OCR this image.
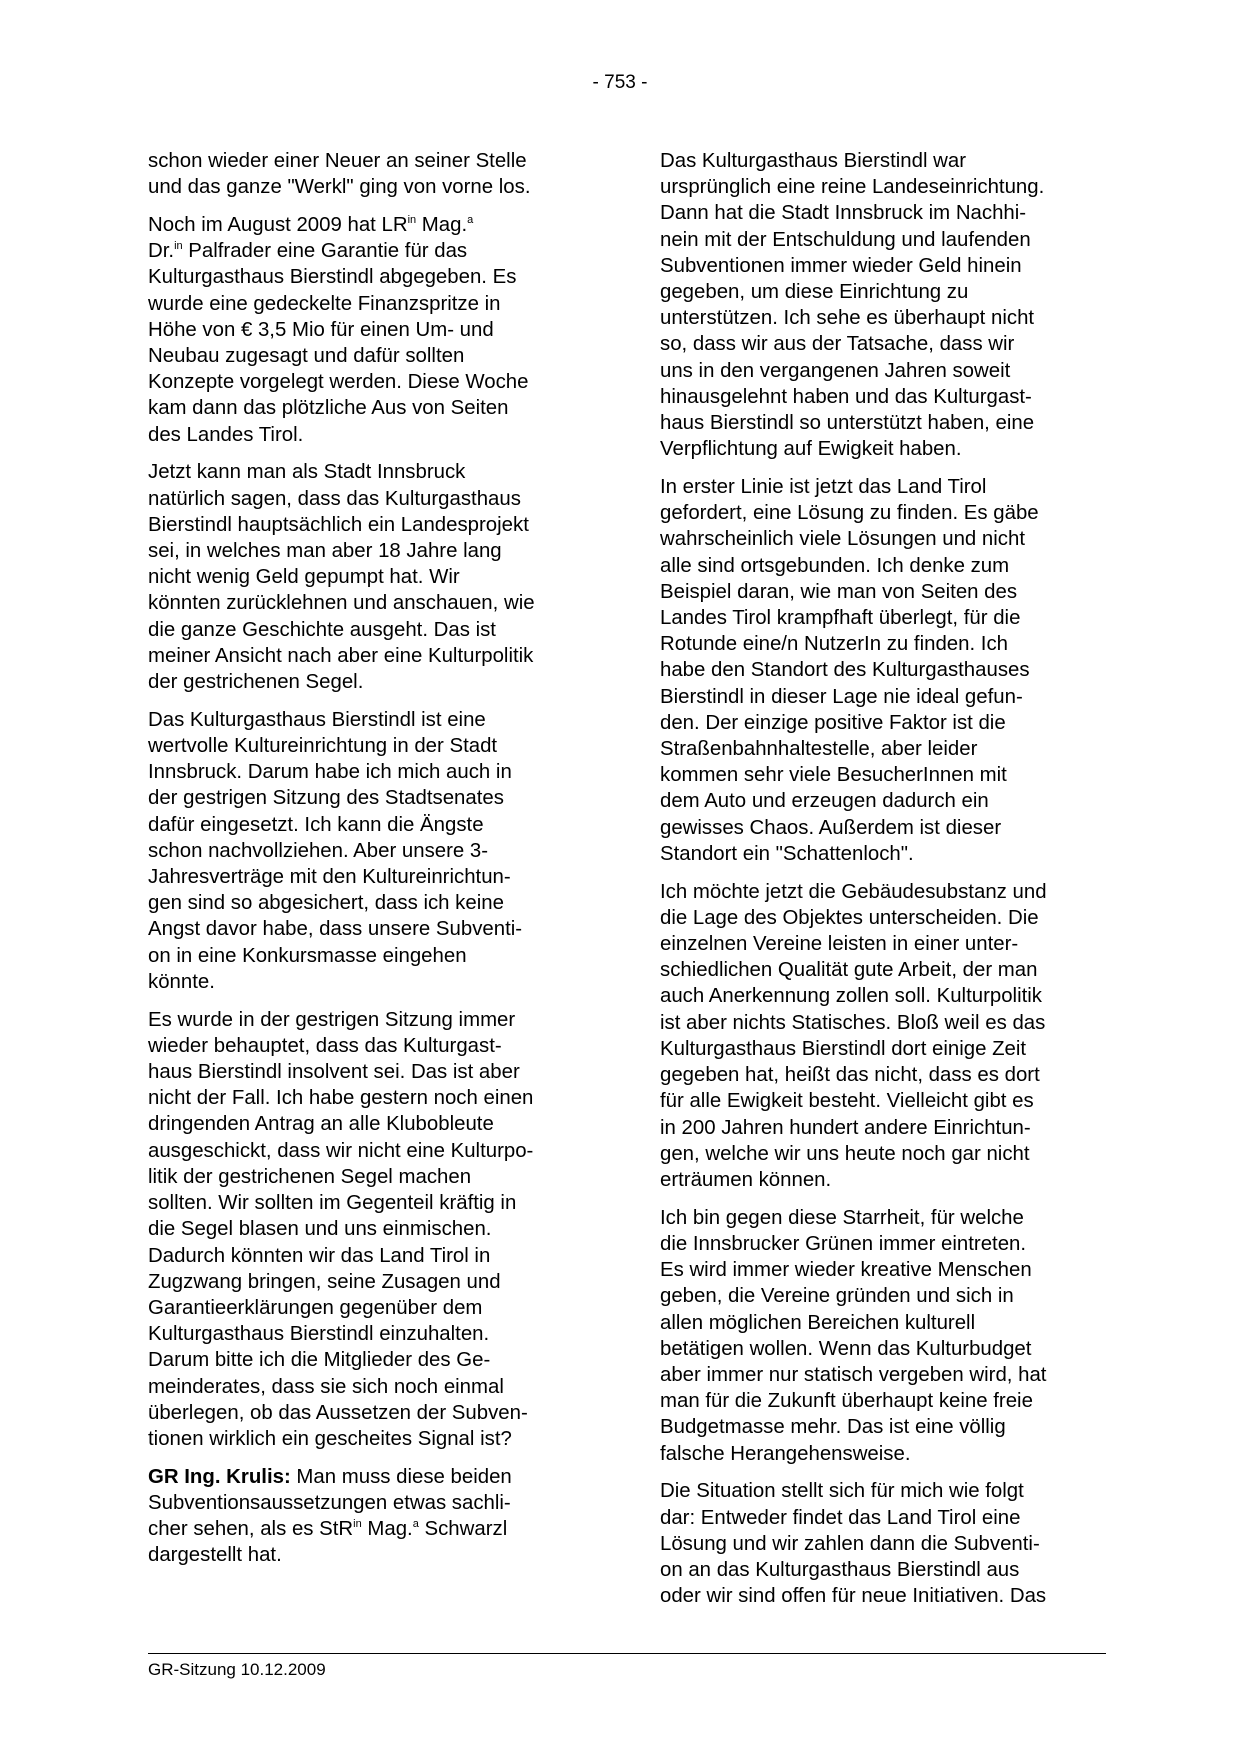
- 753 -

schon wieder einer Neuer an seiner Stelle
und das ganze "Werkl" ging von vorne los.

Noch im August 2009 hat $LR^{in}$ Mag.$^a$
Dr.$^{in}$ Palfrader eine Garantie für das
Kulturgasthaus Bierstindl abgegeben. Es
wurde eine gedeckelte Finanzspritze in
Höhe von € 3,5 Mio für einen Um- und
Neubau zugesagt und dafür sollten
Konzepte vorgelegt werden. Diese Woche
kam dann das plötzliche Aus von Seiten
des Landes Tirol.

Jetzt kann man als Stadt Innsbruck
natürlich sagen, dass das Kulturgasthaus
Bierstindl hauptsächlich ein Landesprojekt
sei, in welches man aber 18 Jahre lang
nicht wenig Geld gepumpt hat. Wir
könnten zurücklehnen und anschauen, wie
die ganze Geschichte ausgeht. Das ist
meiner Ansicht nach aber eine Kulturpolitik
der gestrichenen Segel.

Das Kulturgasthaus Bierstindl ist eine
wertvolle Kultureinrichtung in der Stadt
Innsbruck. Darum habe ich mich auch in
der gestrigen Sitzung des Stadtsenates
dafür eingesetzt. Ich kann die Ängste
schon nachvollziehen. Aber unsere 3-
Jahresverträge mit den Kultureinrichtun-
gen sind so abgesichert, dass ich keine
Angst davor habe, dass unsere Subventi-
on in eine Konkursmasse eingehen
könnte.

Es wurde in der gestrigen Sitzung immer
wieder behauptet, dass das Kulturgast-
haus Bierstindl insolvent sei. Das ist aber
nicht der Fall. Ich habe gestern noch einen
dringenden Antrag an alle Klubobleute
ausgeschickt, dass wir nicht eine Kulturpo-
litik der gestrichenen Segel machen
sollten. Wir sollten im Gegenteil kräftig in
die Segel blasen und uns einmischen.
Dadurch könnten wir das Land Tirol in
Zugzwang bringen, seine Zusagen und
Garantieerklärungen gegenüber dem
Kulturgasthaus Bierstindl einzuhalten.
Darum bitte ich die Mitglieder des Ge-
meinderates, dass sie sich noch einmal
überlegen, ob das Aussetzen der Subven-
tionen wirklich ein gescheites Signal ist?

GR Ing. Krulis: Man muss diese beiden
Subventionsaussetzungen etwas sachli-
cher sehen, als es StR$^{in}$ Mag.$^a$ Schwarzl
dargestellt hat.

Das Kulturgasthaus Bierstindl war
ursprünglich eine reine Landeseinrichtung.
Dann hat die Stadt Innsbruck im Nachhi-
nein mit der Entschuldung und laufenden
Subventionen immer wieder Geld hinein
gegeben, um diese Einrichtung zu
unterstützen. Ich sehe es überhaupt nicht
so, dass wir aus der Tatsache, dass wir
uns in den vergangenen Jahren soweit
hinausgelehnt haben und das Kulturgast-
haus Bierstindl so unterstützt haben, eine
Verpflichtung auf Ewigkeit haben.

In erster Linie ist jetzt das Land Tirol
gefordert, eine Lösung zu finden. Es gäbe
wahrscheinlich viele Lösungen und nicht
alle sind ortsgebunden. Ich denke zum
Beispiel daran, wie man von Seiten des
Landes Tirol krampfhaft überlegt, für die
Rotunde eine/n NutzerIn zu finden. Ich
habe den Standort des Kulturgasthauses
Bierstindl in dieser Lage nie ideal gefun-
den. Der einzige positive Faktor ist die
Straßenbahnhaltestelle, aber leider
kommen sehr viele BesucherInnen mit
dem Auto und erzeugen dadurch ein
gewisses Chaos. Außerdem ist dieser
Standort ein "Schattenloch".

Ich möchte jetzt die Gebäudesubstanz und
die Lage des Objektes unterscheiden. Die
einzelnen Vereine leisten in einer unter-
schiedlichen Qualität gute Arbeit, der man
auch Anerkennung zollen soll. Kulturpolitik
ist aber nichts Statisches. Bloß weil es das
Kulturgasthaus Bierstindl dort einige Zeit
gegeben hat, heißt das nicht, dass es dort
für alle Ewigkeit besteht. Vielleicht gibt es
in 200 Jahren hundert andere Einrichtun-
gen, welche wir uns heute noch gar nicht
erträumen können.

Ich bin gegen diese Starrheit, für welche
die Innsbrucker Grünen immer eintreten.
Es wird immer wieder kreative Menschen
geben, die Vereine gründen und sich in
allen möglichen Bereichen kulturell
betätigen wollen. Wenn das Kulturbudget
aber immer nur statisch vergeben wird, hat
man für die Zukunft überhaupt keine freie
Budgetmasse mehr. Das ist eine völlig
falsche Herangehensweise.

Die Situation stellt sich für mich wie folgt
dar: Entweder findet das Land Tirol eine
Lösung und wir zahlen dann die Subventi-
on an das Kulturgasthaus Bierstindl aus
oder wir sind offen für neue Initiativen. Das

GR-Sitzung 10.12.2009
